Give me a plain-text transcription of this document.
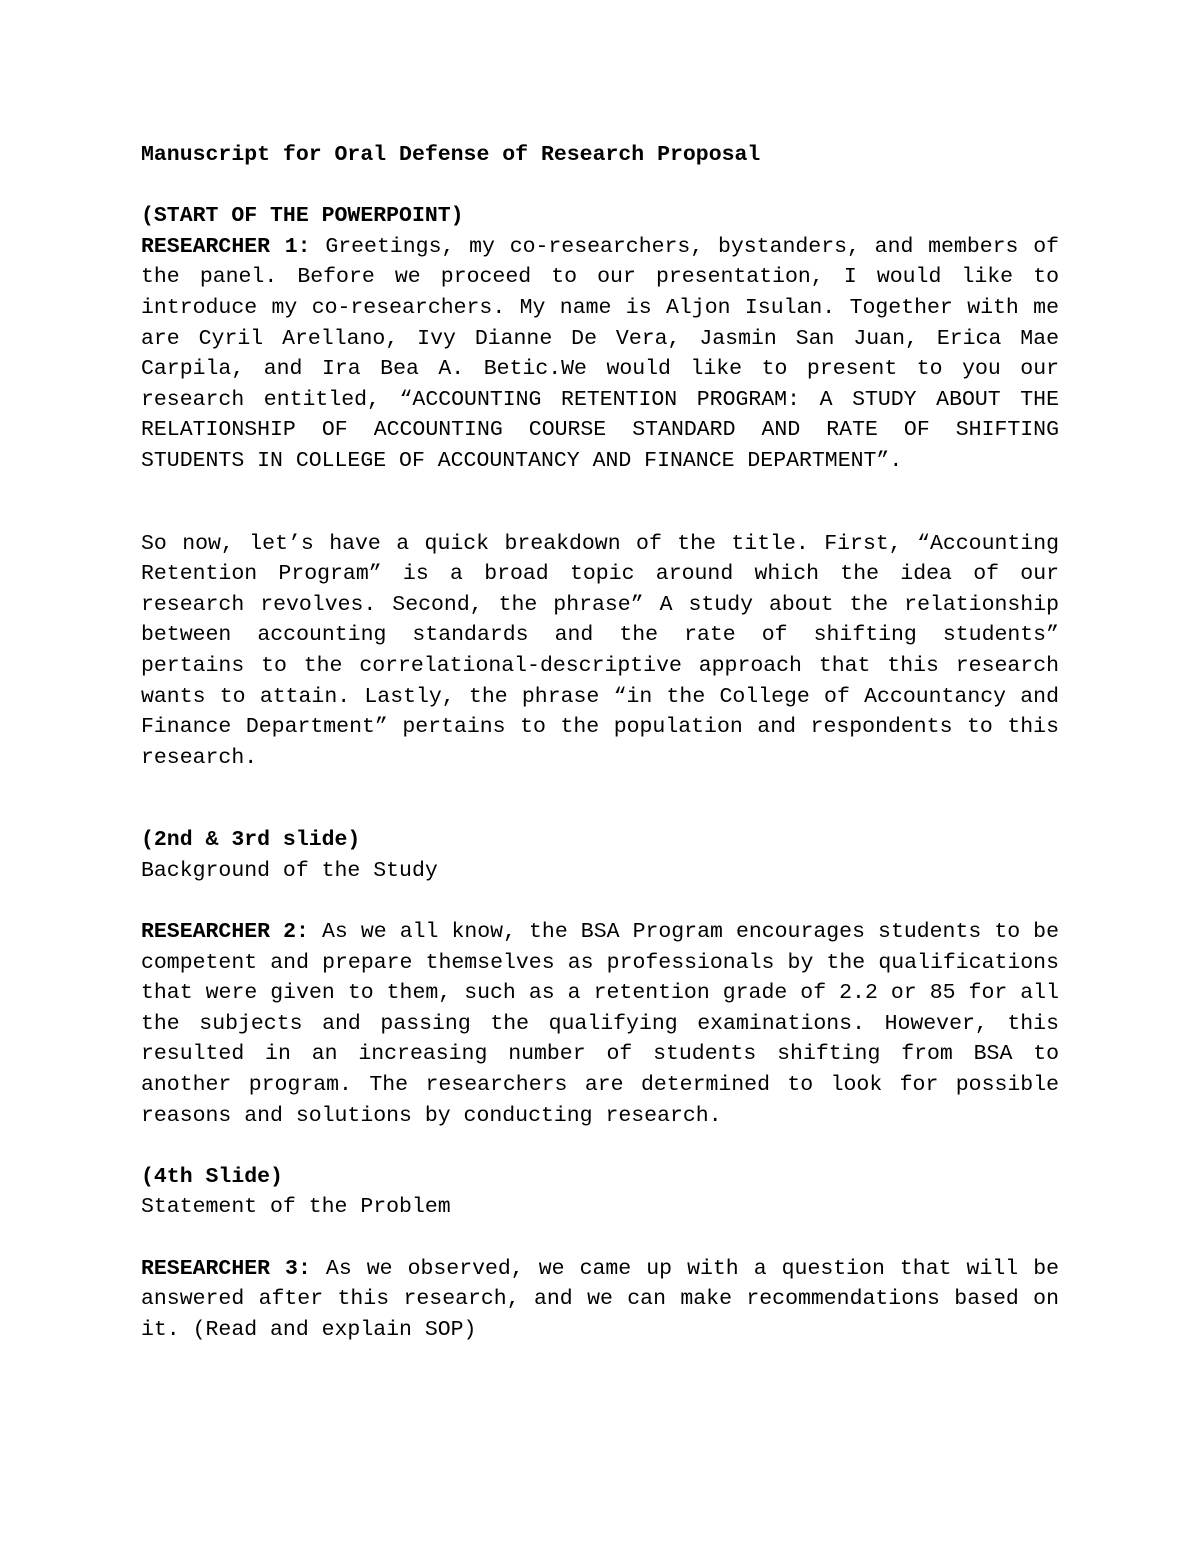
Manuscript for Oral Defense of Research Proposal

(START OF THE POWERPOINT)

RESEARCHER 1: Greetings, my co-researchers, bystanders, and members of the panel. Before we proceed to our presentation, I would like to introduce my co-researchers. My name is Aljon Isulan. Together with me are Cyril Arellano, Ivy Dianne De Vera, Jasmin San Juan, Erica Mae Carpila, and Ira Bea A. Betic.We would like to present to you our research entitled, “ACCOUNTING RETENTION PROGRAM: A STUDY ABOUT THE RELATIONSHIP OF ACCOUNTING COURSE STANDARD AND RATE OF SHIFTING STUDENTS IN COLLEGE OF ACCOUNTANCY AND FINANCE DEPARTMENT”.

So now, let’s have a quick breakdown of the title. First, “Accounting Retention Program” is a broad topic around which the idea of our research revolves. Second, the phrase” A study about the relationship between accounting standards and the rate of shifting students” pertains to the correlational-descriptive approach that this research wants to attain. Lastly, the phrase “in the College of Accountancy and Finance Department” pertains to the population and respondents to this research.

(2nd & 3rd slide)

Background of the Study

RESEARCHER 2: As we all know, the BSA Program encourages students to be competent and prepare themselves as professionals by the qualifications that were given to them, such as a retention grade of 2.2 or 85 for all the subjects and passing the qualifying examinations. However, this resulted in an increasing number of students shifting from BSA to another program. The researchers are determined to look for possible reasons and solutions by conducting research.

(4th Slide)

Statement of the Problem

RESEARCHER 3: As we observed, we came up with a question that will be answered after this research, and we can make recommendations based on it. (Read and explain SOP)
